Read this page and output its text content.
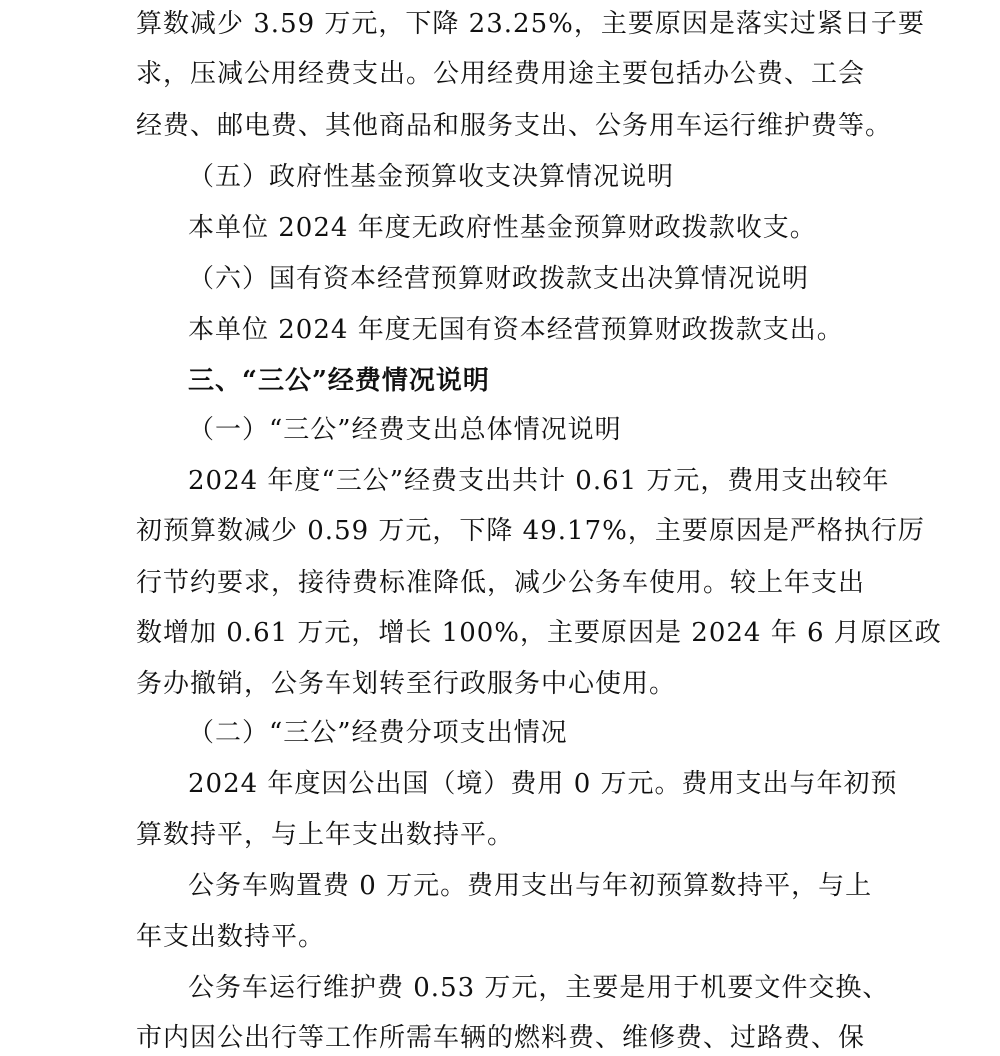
算数减少 3.59 万元，下降 23.25%，主要原因是落实过紧日子要
求，压减公用经费支出。公用经费用途主要包括办公费、工会
经费、邮电费、其他商品和服务支出、公务用车运行维护费等。
（五）政府性基金预算收支决算情况说明
本单位 2024 年度无政府性基金预算财政拨款收支。
（六）国有资本经营预算财政拨款支出决算情况说明
本单位 2024 年度无国有资本经营预算财政拨款支出。
三、“三公”经费情况说明
（一）“三公”经费支出总体情况说明
2024 年度“三公”经费支出共计 0.61 万元，费用支出较年
初预算数减少 0.59 万元，下降 49.17%，主要原因是严格执行厉
行节约要求，接待费标准降低，减少公务车使用。较上年支出
数增加 0.61 万元，增长 100%，主要原因是 2024 年 6 月原区政
务办撤销，公务车划转至行政服务中心使用。
（二）“三公”经费分项支出情况
2024 年度因公出国（境）费用 0 万元。费用支出与年初预
算数持平，与上年支出数持平。
公务车购置费 0 万元。费用支出与年初预算数持平，与上
年支出数持平。
公务车运行维护费 0.53 万元，主要是用于机要文件交换、
市内因公出行等工作所需车辆的燃料费、维修费、过路费、保
